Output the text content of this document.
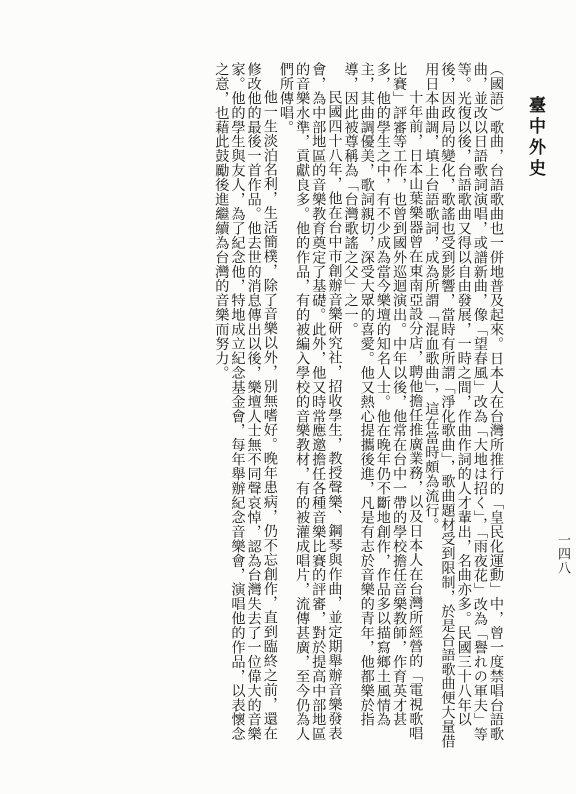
臺中外史
一四八

（國語）歌曲，台語歌曲也一併地普及起來。日本人在台灣所推行的「皇民化運動」中，曾一度禁唱台語歌曲，並改以日語歌詞演唱，或譜新曲，像「望春風」改為「大地は招く」，「雨夜花」改為「譽れの軍夫」等等。光復以後，台語歌曲又得以自由發展，一時之間，作曲作詞的人才輩出，名曲亦多。民國三十八年以後，因政局的變化，歌謠也受到影響，當時有所謂「淨化歌曲」，歌曲題材受到限制，於是台語歌曲便大量借用日本曲調，填上台語歌詞，成為所謂「混血歌曲」，這在當時頗為流行。

十年前，日本山葉樂器曾在東南亞設分店，聘他擔任推廣業務，以及日本人在台灣所經營的「電視歌唱比賽」評審等工作，也曾到國外巡迴演出。中年以後，他常在台中一帶的學校擔任音樂教師，作育英才甚多，他的學生之中，有不少成為當今樂壇的知名人士。他在晚年仍不斷地創作，作品多以描寫鄉土風情為主，其曲調優美，歌詞親切，深受大眾的喜愛。他又熱心提攜後進，凡是有志於音樂的青年，他都樂於指導，因此被尊稱為「台灣歌謠之父」之一。

民國四十八年，他在台中市創辦音樂研究社，招收學生，教授聲樂、鋼琴與作曲，並定期舉辦音樂發表會，為中部地區的音樂教育奠定了基礎。此外，他又時常應邀擔任各種音樂比賽的評審，對於提高中部地區的音樂水準，貢獻良多。他的作品，有的被編入學校的音樂教材，有的被灌成唱片，流傳甚廣，至今仍為人們所傳唱。

他一生淡泊名利，生活簡樸，除了音樂以外，別無嗜好。晚年患病，仍不忘創作，直到臨終之前，還在修改他的最後一首作品。他去世的消息傳出以後，樂壇人士無不同聲哀悼，認為台灣失去了一位偉大的音樂家。他的學生與友人，為了紀念他，特地成立紀念基金會，每年舉辦紀念音樂會，演唱他的作品，以表懷念之意，也藉此鼓勵後進繼續為台灣的音樂而努力。
